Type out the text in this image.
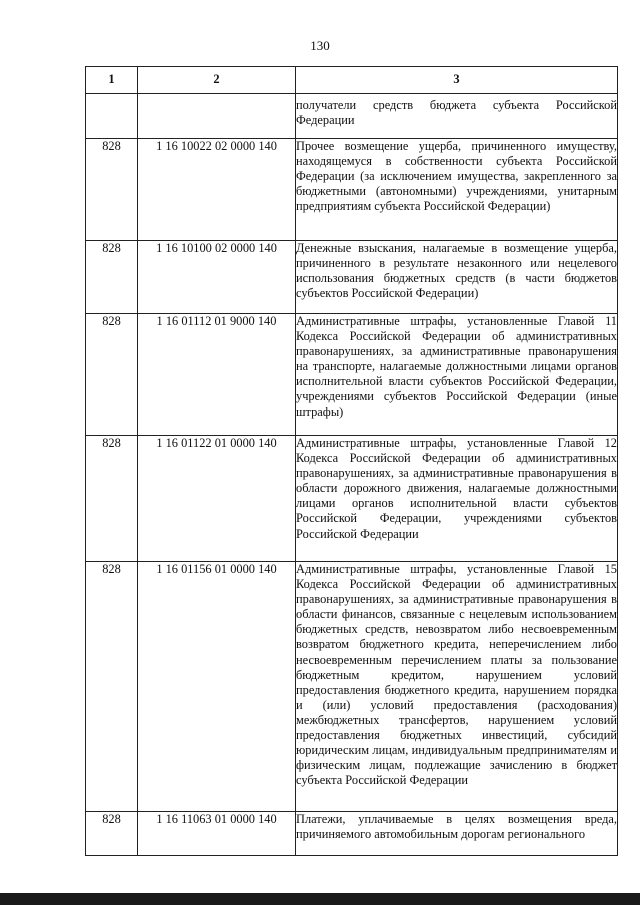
130
1	2	3
		получатели средств бюджета субъекта Российской Федерации
828	1 16 10022 02 0000 140	Прочее возмещение ущерба, причиненного имуществу, находящемуся в собственности субъекта Российской Федерации (за исключением имущества, закрепленного за бюджетными (автономными) учреждениями, унитарным предприятиям субъекта Российской Федерации)
828	1 16 10100 02 0000 140	Денежные взыскания, налагаемые в возмещение ущерба, причиненного в результате незаконного или нецелевого использования бюджетных средств (в части бюджетов субъектов Российской Федерации)
828	1 16 01112 01 9000 140	Административные штрафы, установленные Главой 11 Кодекса Российской Федерации об административных правонарушениях, за административные правонарушения на транспорте, налагаемые должностными лицами органов исполнительной власти субъектов Российской Федерации, учреждениями субъектов Российской Федерации (иные штрафы)
828	1 16 01122 01 0000 140	Административные штрафы, установленные Главой 12 Кодекса Российской Федерации об административных правонарушениях, за административные правонарушения в области дорожного движения, налагаемые должностными лицами органов исполнительной власти субъектов Российской Федерации, учреждениями субъектов Российской Федерации
828	1 16 01156 01 0000 140	Административные штрафы, установленные Главой 15 Кодекса Российской Федерации об административных правонарушениях, за административные правонарушения в области финансов, связанные с нецелевым использованием бюджетных средств, невозвратом либо несвоевременным возвратом бюджетного кредита, неперечислением либо несвоевременным перечислением платы за пользование бюджетным кредитом, нарушением условий предоставления бюджетного кредита, нарушением порядка и (или) условий предоставления (расходования) межбюджетных трансфертов, нарушением условий предоставления бюджетных инвестиций, субсидий юридическим лицам, индивидуальным предпринимателям и физическим лицам, подлежащие зачислению в бюджет субъекта Российской Федерации
828	1 16 11063 01 0000 140	Платежи, уплачиваемые в целях возмещения вреда, причиняемого автомобильным дорогам регионального
